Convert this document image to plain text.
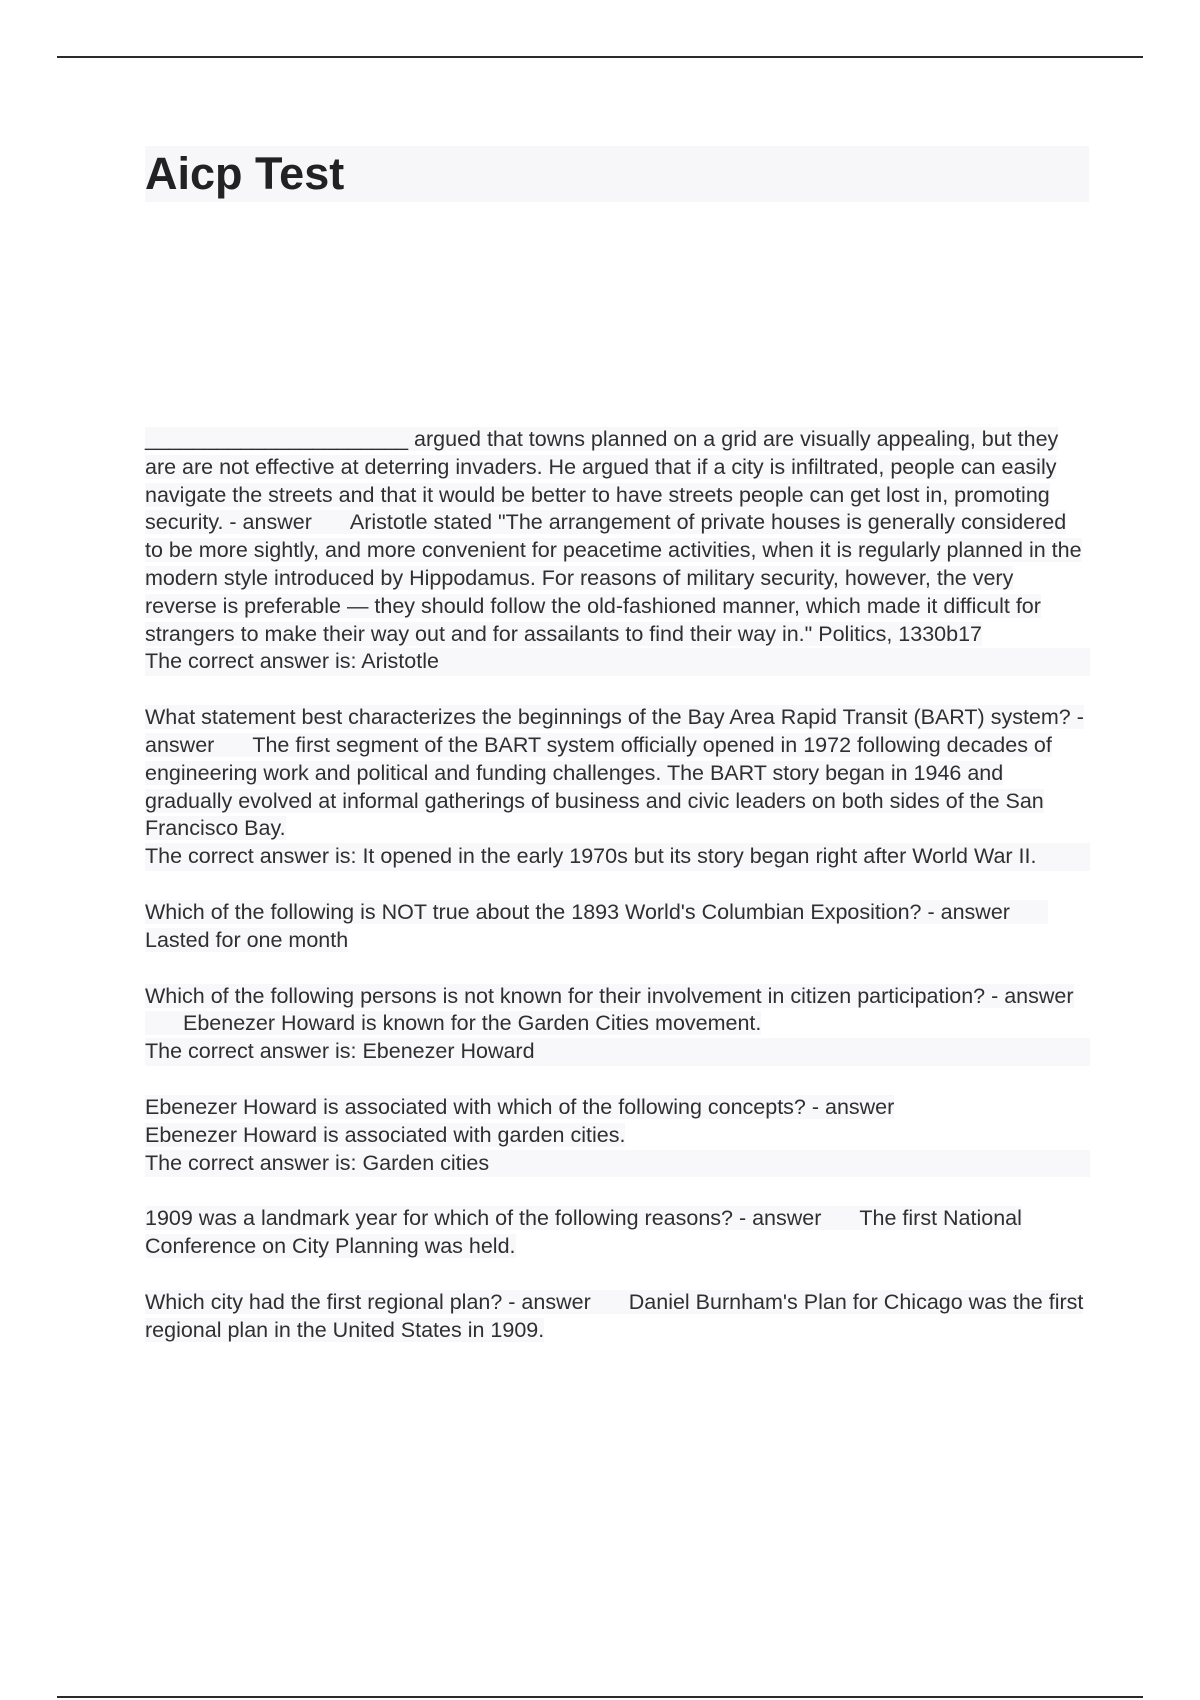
Aicp Test
______________________ argued that towns planned on a grid are visually appealing, but they are are not effective at deterring invaders. He argued that if a city is infiltrated, people can easily navigate the streets and that it would be better to have streets people can get lost in, promoting security. - answer Aristotle stated "The arrangement of private houses is generally considered to be more sightly, and more convenient for peacetime activities, when it is regularly planned in the modern style introduced by Hippodamus. For reasons of military security, however, the very reverse is preferable — they should follow the old-fashioned manner, which made it difficult for strangers to make their way out and for assailants to find their way in." Politics, 1330b17
The correct answer is: Aristotle
What statement best characterizes the beginnings of the Bay Area Rapid Transit (BART) system? - answer The first segment of the BART system officially opened in 1972 following decades of engineering work and political and funding challenges. The BART story began in 1946 and gradually evolved at informal gatherings of business and civic leaders on both sides of the San Francisco Bay.
The correct answer is: It opened in the early 1970s but its story began right after World War II.
Which of the following is NOT true about the 1893 World's Columbian Exposition? - answerLasted for one month
Which of the following persons is not known for their involvement in citizen participation? - answerEbenezer Howard is known for the Garden Cities movement.
The correct answer is: Ebenezer Howard
Ebenezer Howard is associated with which of the following concepts? - answer
Ebenezer Howard is associated with garden cities.
The correct answer is: Garden cities
1909 was a landmark year for which of the following reasons? - answer The first National Conference on City Planning was held.
Which city had the first regional plan? - answer Daniel Burnham's Plan for Chicago was the first regional plan in the United States in 1909.
